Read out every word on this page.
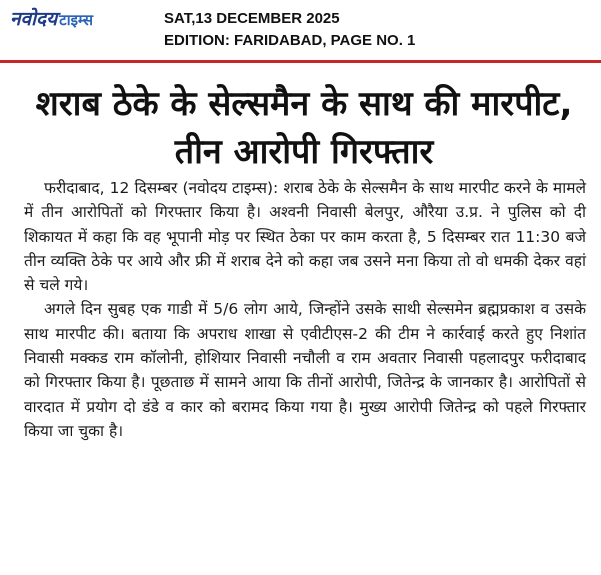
नवोदय टाइम्स	SAT,13 DECEMBER 2025
EDITION: FARIDABAD, PAGE NO. 1
शराब ठेके के सेल्समैन के साथ की मारपीट, तीन आरोपी गिरफ्तार

फरीदाबाद, 12 दिसम्बर (नवोदय टाइम्स): शराब ठेके के सेल्समैन के साथ मारपीट करने के मामले में तीन आरोपितों को गिरफ्तार किया है। अश्वनी निवासी बेलपुर, औरैया उ.प्र. ने पुलिस को दी शिकायत में कहा कि वह भूपानी मोड़ पर स्थित ठेका पर काम करता है, 5 दिसम्बर रात 11:30 बजे तीन व्यक्ति ठेके पर आये और फ्री में शराब देने को कहा जब उसने मना किया तो वो धमकी देकर वहां से चले गये।

अगले दिन सुबह एक गाडी में 5/6 लोग आये, जिन्होंने उसके साथी सेल्समेन ब्रह्मप्रकाश व उसके साथ मारपीट की। बताया कि अपराध शाखा से एवीटीएस-2 की टीम ने कार्रवाई करते हुए निशांत निवासी मक्कड राम कॉलोनी, होशियार निवासी नचौली व राम अवतार निवासी पहलादपुर फरीदाबाद को गिरफ्तार किया है। पूछताछ में सामने आया कि तीनों आरोपी, जितेन्द्र के जानकार है। आरोपितों से वारदात में प्रयोग दो डंडे व कार को बरामद किया गया है। मुख्य आरोपी जितेन्द्र को पहले गिरफ्तार किया जा चुका है।
